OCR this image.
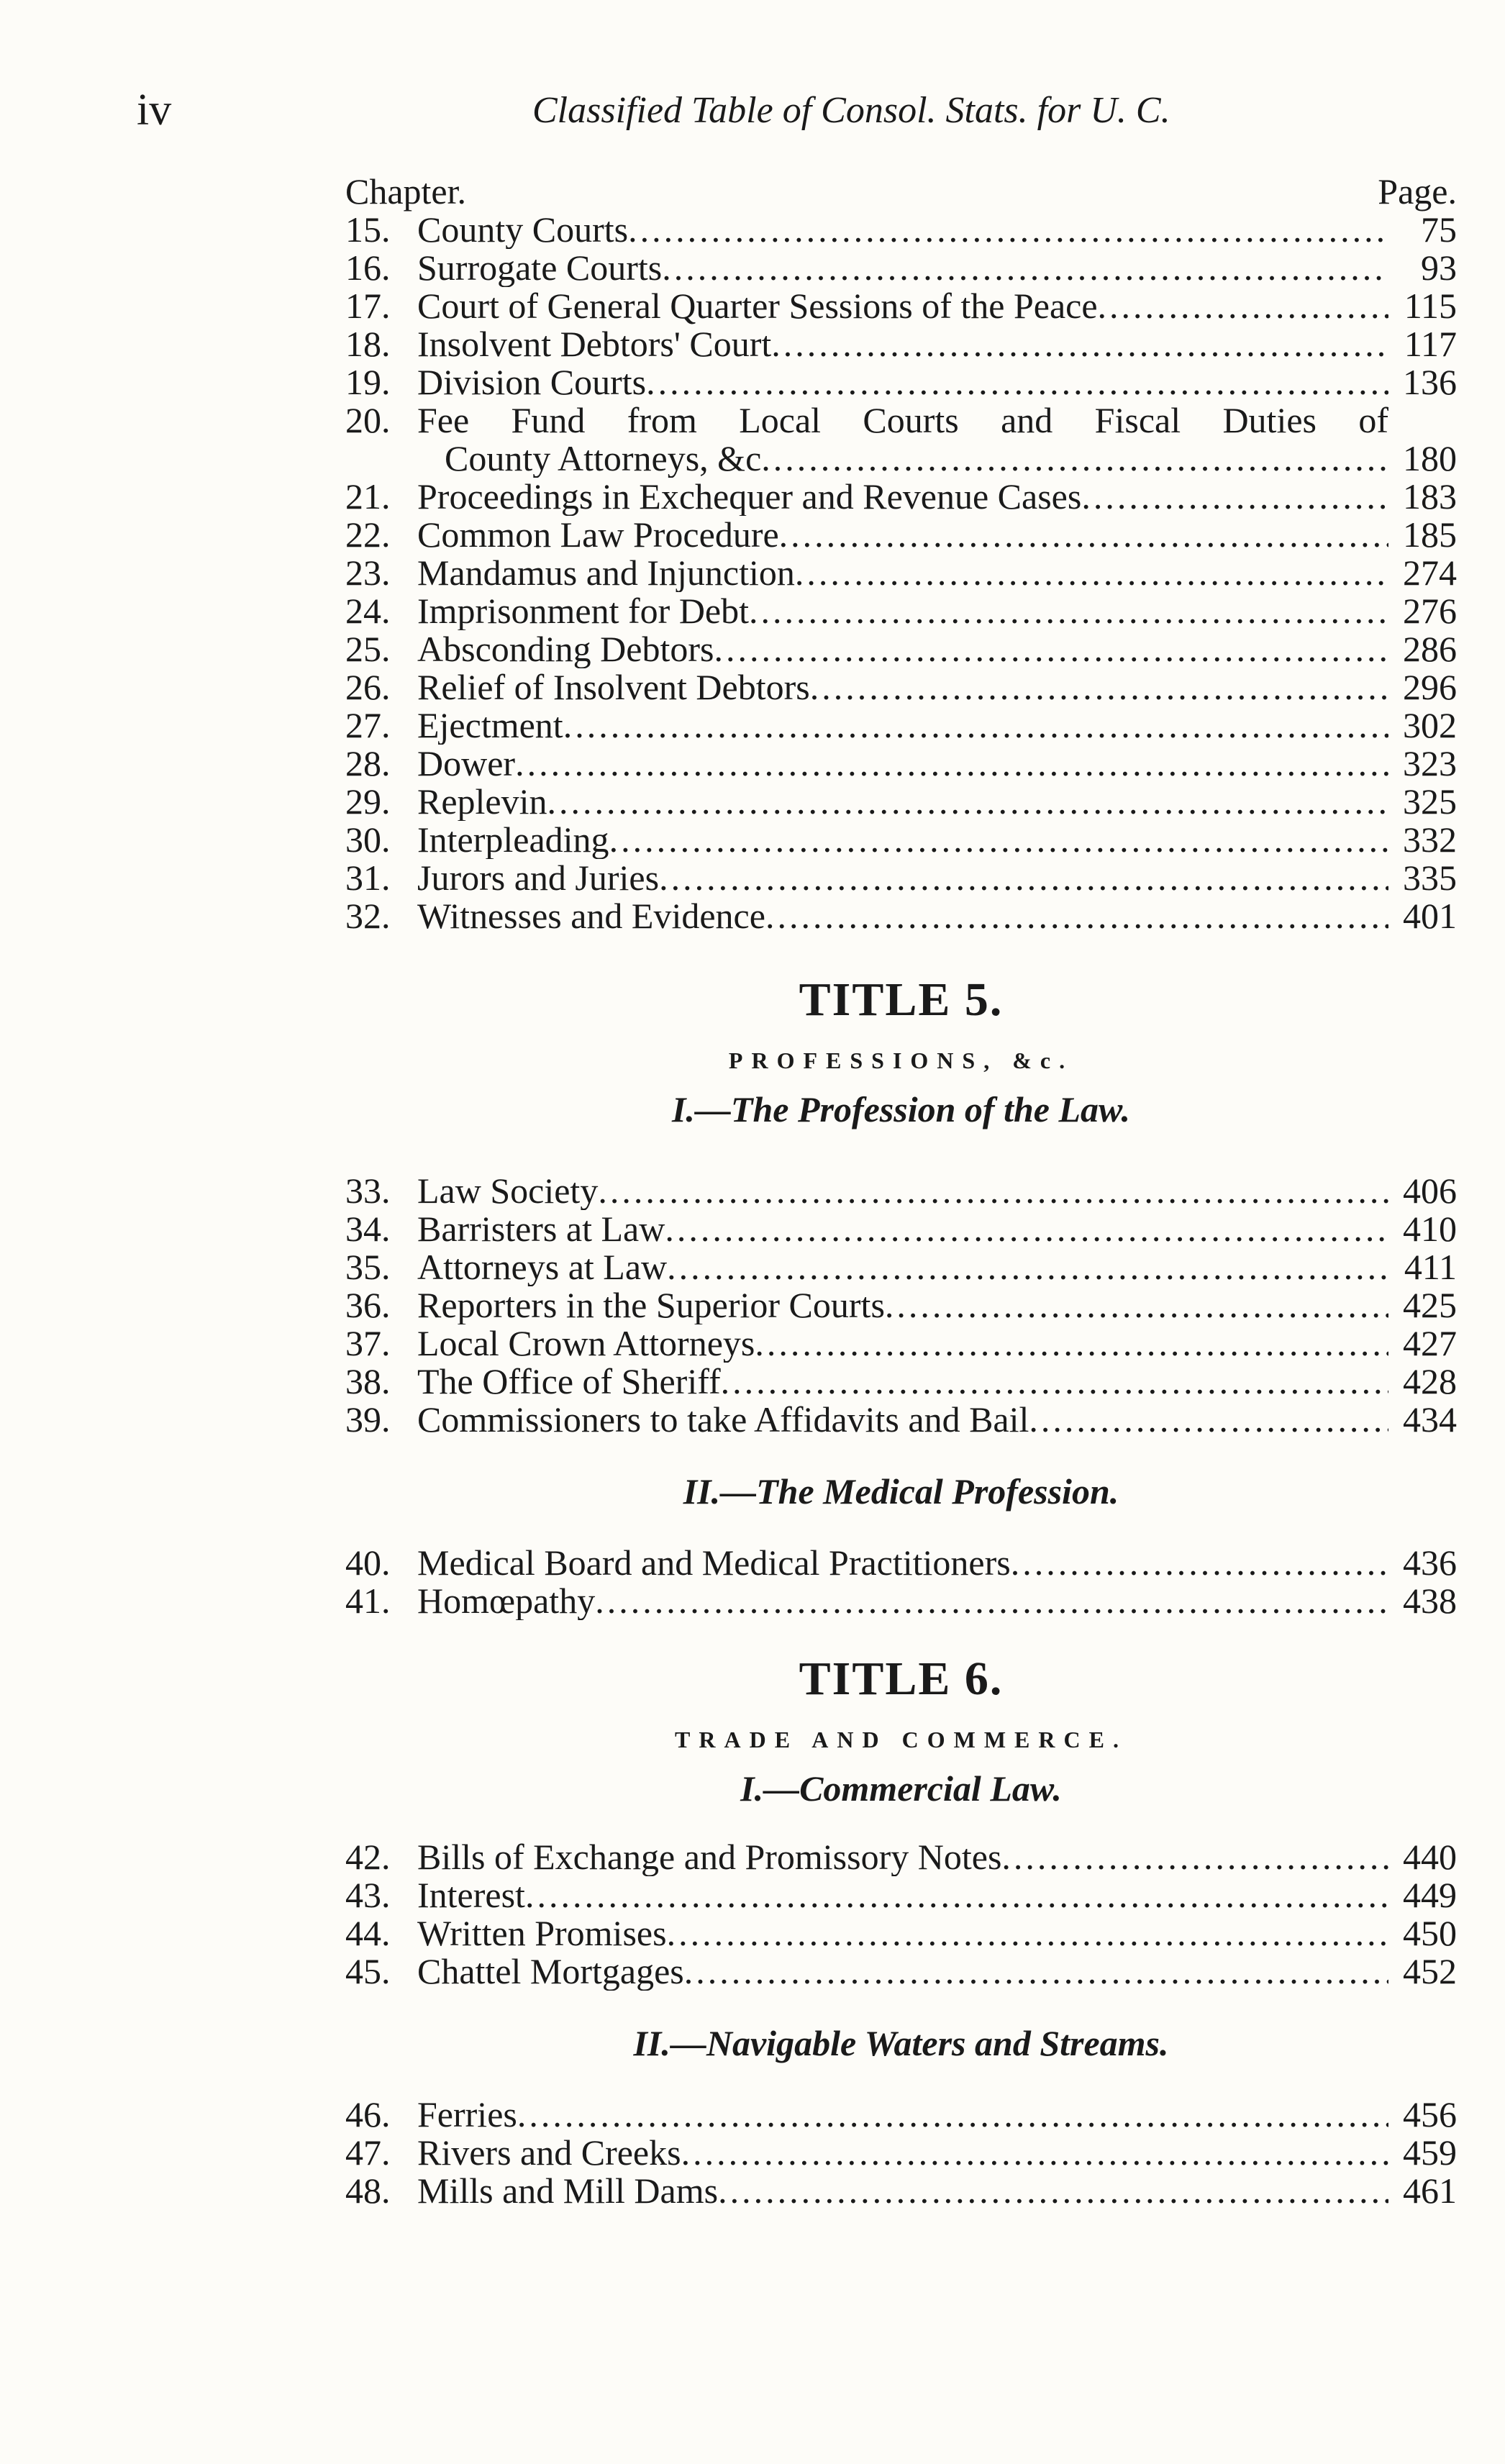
iv	Classified Table of Consol. Stats. for U. C.
Chapter.	Page.
15. County Courts .....	75
16. Surrogate Courts .....	93
17. Court of General Quarter Sessions of the Peace .....	115
18. Insolvent Debtors' Court .....	117
19. Division Courts .....	136
20. Fee Fund from Local Courts and Fiscal Duties of
County Attorneys, &c .....	180
21. Proceedings in Exchequer and Revenue Cases .....	183
22. Common Law Procedure .....	185
23. Mandamus and Injunction .....	274
24. Imprisonment for Debt .....	276
25. Absconding Debtors .....	286
26. Relief of Insolvent Debtors .....	296
27. Ejectment .....	302
28. Dower .....	323
29. Replevin .....	325
30. Interpleading .....	332
31. Jurors and Juries .....	335
32. Witnesses and Evidence .....	401
TITLE 5.
PROFESSIONS, &c.
I.—The Profession of the Law.
33. Law Society .....	406
34. Barristers at Law .....	410
35. Attorneys at Law .....	411
36. Reporters in the Superior Courts .....	425
37. Local Crown Attorneys .....	427
38. The Office of Sheriff .....	428
39. Commissioners to take Affidavits and Bail .....	434
II.—The Medical Profession.
40. Medical Board and Medical Practitioners .....	436
41. Homœpathy .....	438
TITLE 6.
TRADE AND COMMERCE.
I.—Commercial Law.
42. Bills of Exchange and Promissory Notes .....	440
43. Interest .....	449
44. Written Promises .....	450
45. Chattel Mortgages .....	452
II.—Navigable Waters and Streams.
46. Ferries .....	456
47. Rivers and Creeks .....	459
48. Mills and Mill Dams .....	461
